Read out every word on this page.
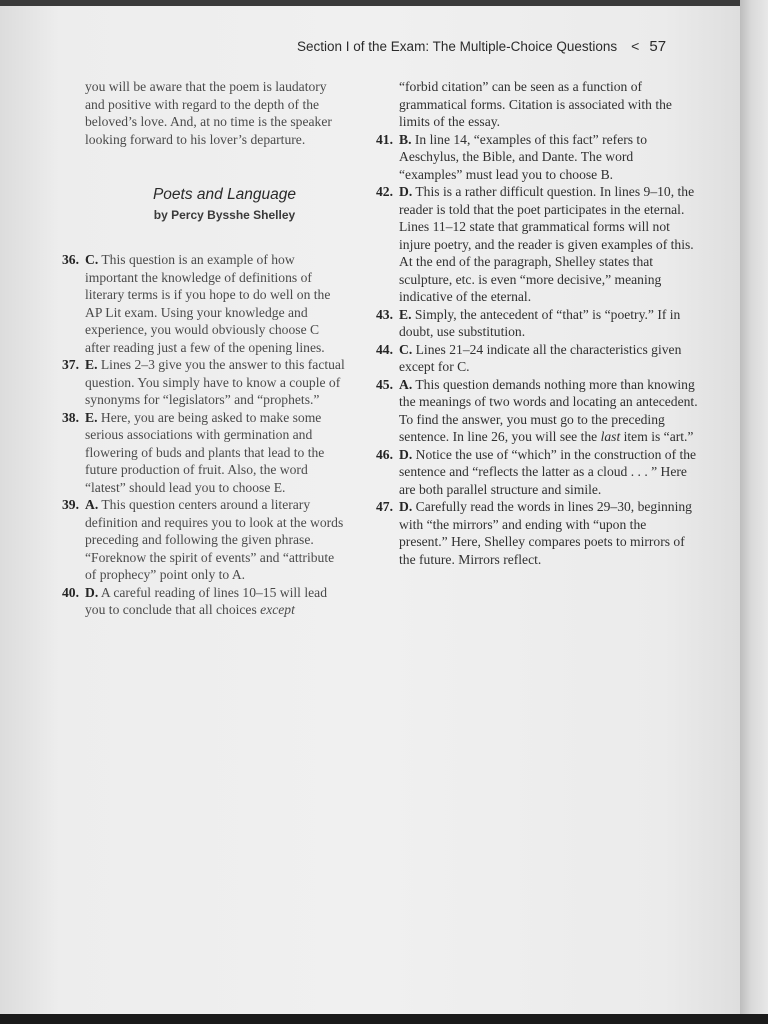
Section I of the Exam: The Multiple-Choice Questions < 57

you will be aware that the poem is laudatory and positive with regard to the depth of the beloved’s love. And, at no time is the speaker looking forward to his lover’s departure.

Poets and Language
by Percy Bysshe Shelley
36. C. This question is an example of how important the knowledge of definitions of literary terms is if you hope to do well on the AP Lit exam. Using your knowledge and experience, you would obviously choose C after reading just a few of the opening lines.
37. E. Lines 2–3 give you the answer to this factual question. You simply have to know a couple of synonyms for “legislators” and “prophets.”
38. E. Here, you are being asked to make some serious associations with germination and flowering of buds and plants that lead to the future production of fruit. Also, the word “latest” should lead you to choose E.
39. A. This question centers around a literary definition and requires you to look at the words preceding and following the given phrase. “Foreknow the spirit of events” and “attribute of prophecy” point only to A.
40. D. A careful reading of lines 10–15 will lead you to conclude that all choices except

“forbid citation” can be seen as a function of grammatical forms. Citation is associated with the limits of the essay.

41. B. In line 14, “examples of this fact” refers to Aeschylus, the Bible, and Dante. The word “examples” must lead you to choose B.
42. D. This is a rather difficult question. In lines 9–10, the reader is told that the poet participates in the eternal. Lines 11–12 state that grammatical forms will not injure poetry, and the reader is given examples of this. At the end of the paragraph, Shelley states that sculpture, etc. is even “more decisive,” meaning indicative of the eternal.
43. E. Simply, the antecedent of “that” is “poetry.” If in doubt, use substitution.
44. C. Lines 21–24 indicate all the characteristics given except for C.
45. A. This question demands nothing more than knowing the meanings of two words and locating an antecedent. To find the answer, you must go to the preceding sentence. In line 26, you will see the last item is “art.”
46. D. Notice the use of “which” in the construction of the sentence and “reflects the latter as a cloud . . . ” Here are both parallel structure and simile.
47. D. Carefully read the words in lines 29–30, beginning with “the mirrors” and ending with “upon the present.” Here, Shelley compares poets to mirrors of the future. Mirrors reflect.
